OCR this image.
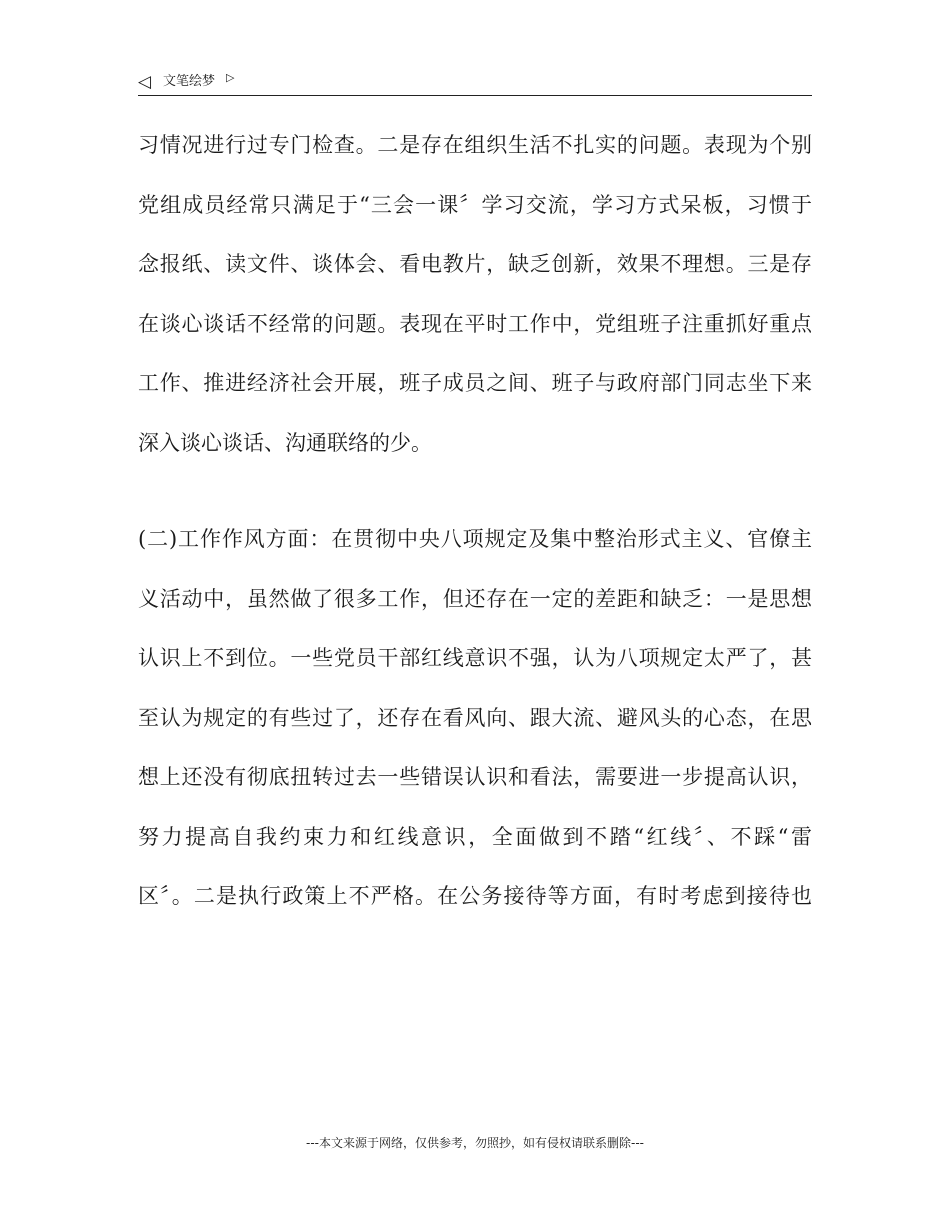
◁ 文笔绘梦 ▷
习情况进行过专门检查。二是存在组织生活不扎实的问题。表现为个别
党组成员经常只满足于“三会一课〞学习交流，学习方式呆板，习惯于
念报纸、读文件、谈体会、看电教片，缺乏创新，效果不理想。三是存
在谈心谈话不经常的问题。表现在平时工作中，党组班子注重抓好重点
工作、推进经济社会开展，班子成员之间、班子与政府部门同志坐下来
深入谈心谈话、沟通联络的少。
(二)工作作风方面：在贯彻中央八项规定及集中整治形式主义、官僚主
义活动中，虽然做了很多工作，但还存在一定的差距和缺乏：一是思想
认识上不到位。一些党员干部红线意识不强，认为八项规定太严了，甚
至认为规定的有些过了，还存在看风向、跟大流、避风头的心态，在思
想上还没有彻底扭转过去一些错误认识和看法，需要进一步提高认识，
努力提高自我约束力和红线意识，全面做到不踏“红线〞、不踩“雷
区〞。二是执行政策上不严格。在公务接待等方面，有时考虑到接待也
---本文来源于网络，仅供参考，勿照抄，如有侵权请联系删除---
